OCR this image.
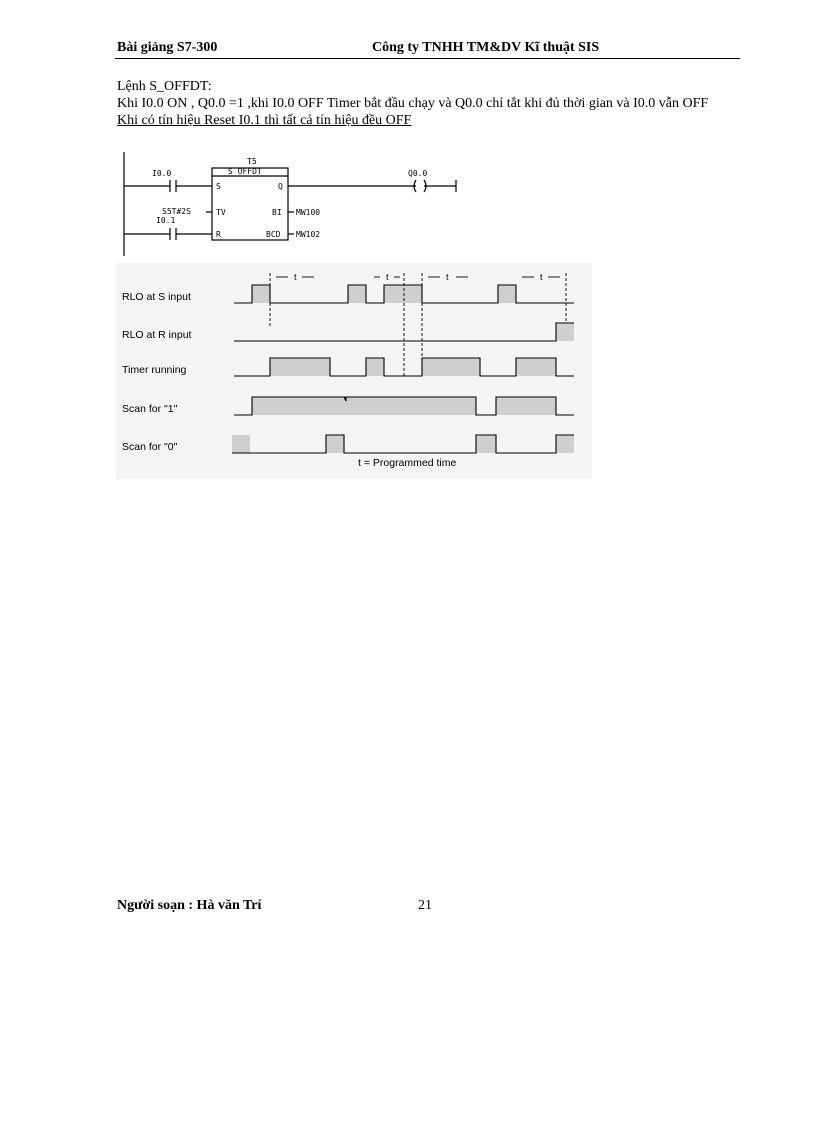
Bài giảng S7-300	Công ty TNHH TM&DV Kĩ thuật SIS

Lệnh S_OFFDT:

Khi I0.0 ON , Q0.0 =1 ,khi I0.0 OFF Timer bắt đầu chạy và Q0.0 chỉ tắt khi đủ thời gian và I0.0 vẫn OFF

Khi có tín hiệu Reset I0.1 thì tất cả tín hiệu đều OFF

T5
S_OFFDT
I0.0
S	Q
Q0.0
S5T#2S	TV	BI MW100
I0.1
R	BCD MW102
t	t	t	t
RLO at S input
RLO at R input
Timer running
Scan for "1"
Scan for "0"
t = Programmed time
Người soạn : Hà văn Trí	21
